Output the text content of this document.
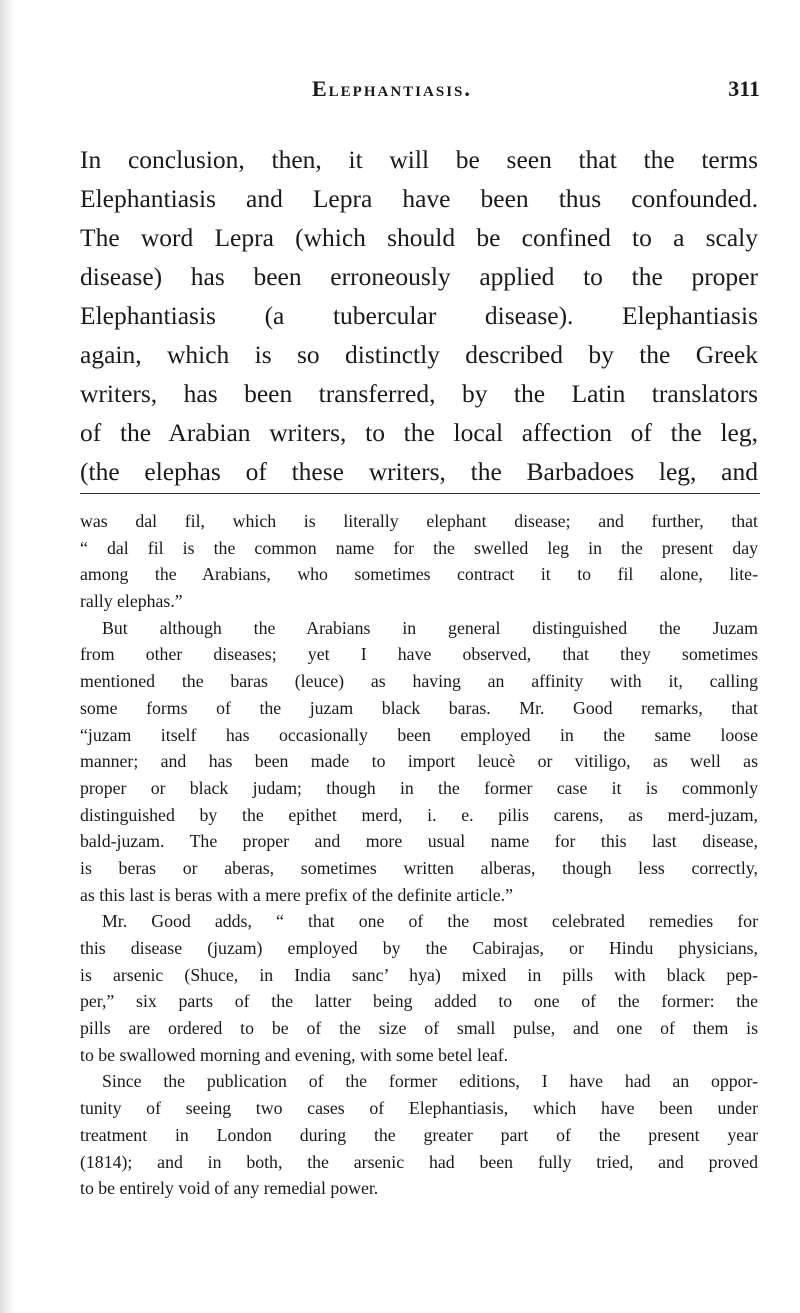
Elephantiasis.	311
In conclusion, then, it will be seen that the terms
Elephantiasis and Lepra have been thus confounded.
The word Lepra (which should be confined to a scaly
disease) has been erroneously applied to the proper
Elephantiasis (a tubercular disease). Elephantiasis
again, which is so distinctly described by the Greek
writers, has been transferred, by the Latin translators
of the Arabian writers, to the local affection of the leg,
(the elephas of these writers, the Barbadoes leg, and
was dal fil, which is literally elephant disease; and further, that
“ dal fil is the common name for the swelled leg in the present day
among the Arabians, who sometimes contract it to fil alone, lite-
rally elephas.”
But although the Arabians in general distinguished the Juzam
from other diseases; yet I have observed, that they sometimes
mentioned the baras (leuce) as having an affinity with it, calling
some forms of the juzam black baras. Mr. Good remarks, that
“juzam itself has occasionally been employed in the same loose
manner; and has been made to import leucè or vitiligo, as well as
proper or black judam; though in the former case it is commonly
distinguished by the epithet merd, i. e. pilis carens, as merd-juzam,
bald-juzam. The proper and more usual name for this last disease,
is beras or aberas, sometimes written alberas, though less correctly,
as this last is beras with a mere prefix of the definite article.”
Mr. Good adds, “ that one of the most celebrated remedies for
this disease (juzam) employed by the Cabirajas, or Hindu physicians,
is arsenic (Shuce, in India sanc’ hya) mixed in pills with black pep-
per,” six parts of the latter being added to one of the former: the
pills are ordered to be of the size of small pulse, and one of them is
to be swallowed morning and evening, with some betel leaf.
Since the publication of the former editions, I have had an oppor-
tunity of seeing two cases of Elephantiasis, which have been under
treatment in London during the greater part of the present year
(1814); and in both, the arsenic had been fully tried, and proved
to be entirely void of any remedial power.
